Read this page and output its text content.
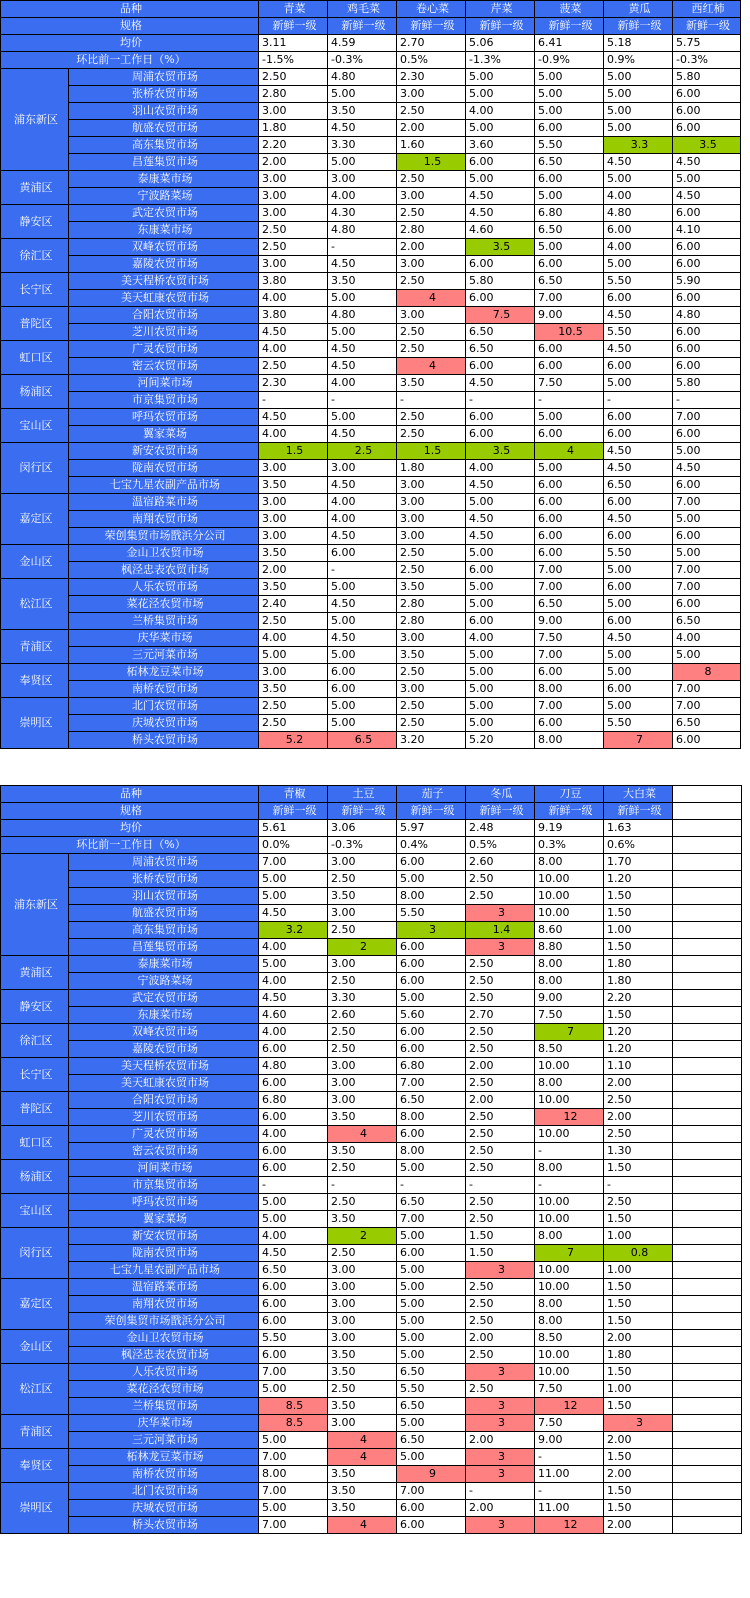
品种		青菜	鸡毛菜	卷心菜	芹菜	菠菜	黄瓜	西红柿
规格		新鲜一级	新鲜一级	新鲜一级	新鲜一级	新鲜一级	新鲜一级	新鲜一级
均价		3.11	4.59	2.70	5.06	6.41	5.18	5.75
环比前一工作日（%）		-1.5%	-0.3%	0.5%	-1.3%	-0.9%	0.9%	-0.3%
浦东新区	周浦农贸市场	2.50	4.80	2.30	5.00	5.00	5.00	5.80
	张桥农贸市场	2.80	5.00	3.00	5.00	5.00	5.00	6.00
	羽山农贸市场	3.00	3.50	2.50	4.00	5.00	5.00	6.00
	航盛农贸市场	1.80	4.50	2.00	5.00	6.00	5.00	6.00
	高东集贸市场	2.20	3.30	1.60	3.60	5.50	3.3	3.5
	昌莲集贸市场	2.00	5.00	1.5	6.00	6.50	4.50	4.50
黄浦区	泰康菜市场	3.00	3.00	2.50	5.00	6.00	5.00	5.00
	宁波路菜场	3.00	4.00	3.00	4.50	5.00	4.00	4.50
静安区	武定农贸市场	3.00	4.30	2.50	4.50	6.80	4.80	6.00
	东康菜市场	2.50	4.80	2.80	4.60	6.50	6.00	4.10
徐汇区	双峰农贸市场	2.50	-	2.00	3.5	5.00	4.00	6.00
	嘉陵农贸市场	3.00	4.50	3.00	6.00	6.00	5.00	6.00
长宁区	美天程桥农贸市场	3.80	3.50	2.50	5.80	6.50	5.50	5.90
	美天虹康农贸市场	4.00	5.00	4	6.00	7.00	6.00	6.00
普陀区	合阳农贸市场	3.80	4.80	3.00	7.5	9.00	4.50	4.80
	芝川农贸市场	4.50	5.00	2.50	6.50	10.5	5.50	6.00
虹口区	广灵农贸市场	4.00	4.50	2.50	6.50	6.00	4.50	6.00
	密云农贸市场	2.50	4.50	4	6.00	6.00	6.00	6.00
杨浦区	河间菜市场	2.30	4.00	3.50	4.50	7.50	5.00	5.80
	市京集贸市场	-	-	-	-	-	-	-
宝山区	呼玛农贸市场	4.50	5.00	2.50	6.00	5.00	6.00	7.00
	翼家菜场	4.00	4.50	2.50	6.00	6.00	6.00	6.00
闵行区	新安农贸市场	1.5	2.5	1.5	3.5	4	4.50	5.00
	陇南农贸市场	3.00	3.00	1.80	4.00	5.00	4.50	4.50
	七宝九星农副产品市场	3.50	4.50	3.00	4.50	6.00	6.50	6.00
嘉定区	温宿路菜市场	3.00	4.00	3.00	5.00	6.00	6.00	7.00
	南翔农贸市场	3.00	4.00	3.00	4.50	6.00	4.50	5.00
	荣创集贸市场戬浜分公司	3.00	4.50	3.00	4.50	6.00	6.00	6.00
金山区	金山卫农贸市场	3.50	6.00	2.50	5.00	6.00	5.50	5.00
	枫泾忠表农贸市场	2.00	-	2.50	6.00	7.00	5.00	7.00
松江区	人乐农贸市场	3.50	5.00	3.50	5.00	7.00	6.00	7.00
	菜花泾农贸市场	2.40	4.50	2.80	5.00	6.50	5.00	6.00
	兰桥集贸市场	2.50	5.00	2.80	6.00	9.00	6.00	6.50
青浦区	庆华菜市场	4.00	4.50	3.00	4.00	7.50	4.50	4.00
	三元河菜市场	5.00	5.00	3.50	5.00	7.00	5.00	5.00
奉贤区	柘林龙豆菜市场	3.00	6.00	2.50	5.00	6.00	5.00	8
	南桥农贸市场	3.50	6.00	3.00	5.00	8.00	6.00	7.00
崇明区	北门农贸市场	2.50	5.00	2.50	5.00	7.00	5.00	7.00
	庆城农贸市场	2.50	5.00	2.50	5.00	6.00	5.50	6.50
	桥头农贸市场	5.2	6.5	3.20	5.20	8.00	7	6.00
品种		青椒	土豆	茄子	冬瓜	刀豆	大白菜	
规格		新鲜一级	新鲜一级	新鲜一级	新鲜一级	新鲜一级	新鲜一级	
均价		5.61	3.06	5.97	2.48	9.19	1.63	
环比前一工作日（%）		0.0%	-0.3%	0.4%	0.5%	0.3%	0.6%	
浦东新区	周浦农贸市场	7.00	3.00	6.00	2.60	8.00	1.70	
	张桥农贸市场	5.00	2.50	5.00	2.50	10.00	1.20	
	羽山农贸市场	5.00	3.50	8.00	2.50	10.00	1.50	
	航盛农贸市场	4.50	3.00	5.50	3	10.00	1.50	
	高东集贸市场	3.2	2.50	3	1.4	8.60	1.00	
	昌莲集贸市场	4.00	2	6.00	3	8.80	1.50	
黄浦区	泰康菜市场	5.00	3.00	6.00	2.50	8.00	1.80	
	宁波路菜场	4.00	2.50	6.00	2.50	8.00	1.80	
静安区	武定农贸市场	4.50	3.30	5.00	2.50	9.00	2.20	
	东康菜市场	4.60	2.60	5.60	2.70	7.50	1.50	
徐汇区	双峰农贸市场	4.00	2.50	6.00	2.50	7	1.20	
	嘉陵农贸市场	6.00	2.50	6.00	2.50	8.50	1.20	
长宁区	美天程桥农贸市场	4.80	3.00	6.80	2.00	10.00	1.10	
	美天虹康农贸市场	6.00	3.00	7.00	2.50	8.00	2.00	
普陀区	合阳农贸市场	6.80	3.00	6.50	2.00	10.00	2.50	
	芝川农贸市场	6.00	3.50	8.00	2.50	12	2.00	
虹口区	广灵农贸市场	4.00	4	6.00	2.50	10.00	2.50	
	密云农贸市场	6.00	3.50	8.00	2.50	-	1.30	
杨浦区	河间菜市场	6.00	2.50	5.00	2.50	8.00	1.50	
	市京集贸市场	-	-	-	-	-	-	
宝山区	呼玛农贸市场	5.00	2.50	6.50	2.50	10.00	2.50	
	翼家菜场	5.00	3.50	7.00	2.50	10.00	1.50	
闵行区	新安农贸市场	4.00	2	5.00	1.50	8.00	1.00	
	陇南农贸市场	4.50	2.50	6.00	1.50	7	0.8	
	七宝九星农副产品市场	6.50	3.00	5.00	3	10.00	1.00	
嘉定区	温宿路菜市场	6.00	3.00	5.00	2.50	10.00	1.50	
	南翔农贸市场	6.00	3.00	5.00	2.50	8.00	1.50	
	荣创集贸市场戬浜分公司	6.00	3.00	5.00	2.50	8.00	1.50	
金山区	金山卫农贸市场	5.50	3.00	5.00	2.00	8.50	2.00	
	枫泾忠表农贸市场	6.00	3.50	5.00	2.50	10.00	1.80	
松江区	人乐农贸市场	7.00	3.50	6.50	3	10.00	1.50	
	菜花泾农贸市场	5.00	2.50	5.50	2.50	7.50	1.00	
	兰桥集贸市场	8.5	3.50	6.50	3	12	1.50	
青浦区	庆华菜市场	8.5	3.00	5.00	3	7.50	3	
	三元河菜市场	5.00	4	6.50	2.00	9.00	2.00	
奉贤区	柘林龙豆菜市场	7.00	4	5.00	3	-	1.50	
	南桥农贸市场	8.00	3.50	9	3	11.00	2.00	
崇明区	北门农贸市场	7.00	3.50	7.00	-	-	1.50	
	庆城农贸市场	5.00	3.50	6.00	2.00	11.00	1.50	
	桥头农贸市场	7.00	4	6.00	3	12	2.00	
